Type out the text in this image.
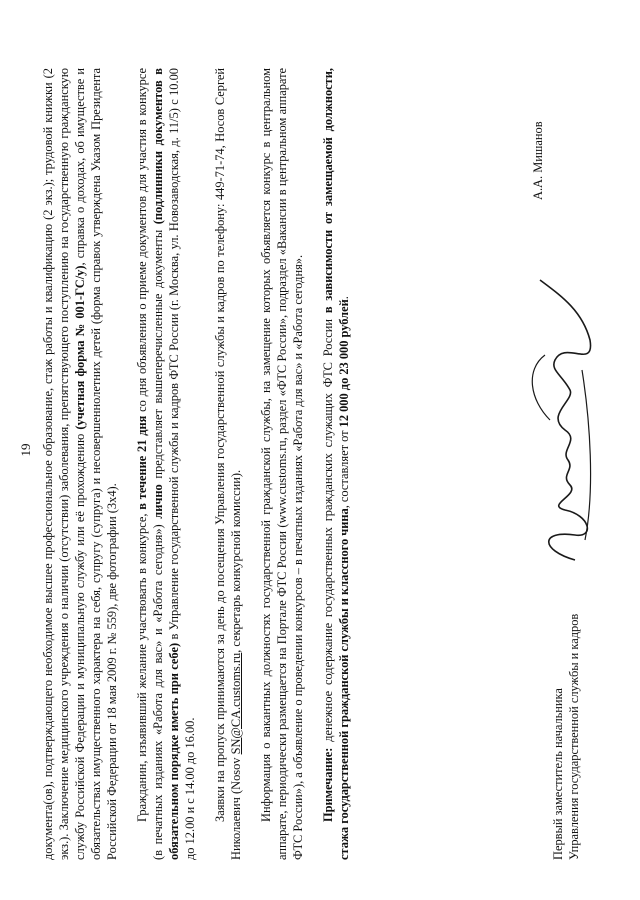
19 документа(ов), подтверждающего необходимое высшее профессиональное образование, стаж работы и квалификацию (2 экз.); трудовой книжки (2 экз.). Заключение медицинского учреждения о наличии (отсутствии) заболевания, препятствующего поступлению на государственную гражданскую службу Российской Федерации и муниципальную службу или её прохождению (учетная форма № 001-ГС/у), справка о доходах, об имуществе и обязательствах имущественного характера на себя, супругу (супруга) и несовершеннолетних детей (форма справок утверждена Указом Президента Российской Федерации от 18 мая 2009 г. № 559), две фотографии (3х4). Гражданин, изъявивший желание участвовать в конкурсе, в течение 21 дня со дня объявления о приеме документов для участия в конкурсе (в печатных изданиях «Работа для вас» и «Работа сегодня») лично представляет вышеперечисленные документы (подлинники документов в обязательном порядке иметь при себе) в Управление государственной службы и кадров ФТС России (г. Москва, ул. Новозаводская, д. 11/5) с 10.00 до 12.00 и с 14.00 до 16.00. Заявки на пропуск принимаются за день до посещения Управления государственной службы и кадров по телефону: 449-71-74, Носов Сергей Николаевич (Nosov SN@CA.customs.ru, секретарь конкурсной комиссии). Информация о вакантных должностях государственной гражданской службы, на замещение которых объявляется конкурс в центральном аппарате, периодически размещается на Портале ФТС России (www.customs.ru, раздел «ФТС России», подраздел «Вакансии в центральном аппарате ФТС России»), а объявление о проведении конкурсов – в печатных изданиях «Работа для вас» и «Работа сегодня». Примечание: денежное содержание государственных гражданских служащих ФТС России в зависимости от замещаемой должности, стажа государственной гражданской службы и классного чина, составляет от 12 000 до 23 000 рублей.

Первый заместитель начальника Управления государственной службы и кадров
А.А. Мишанов
